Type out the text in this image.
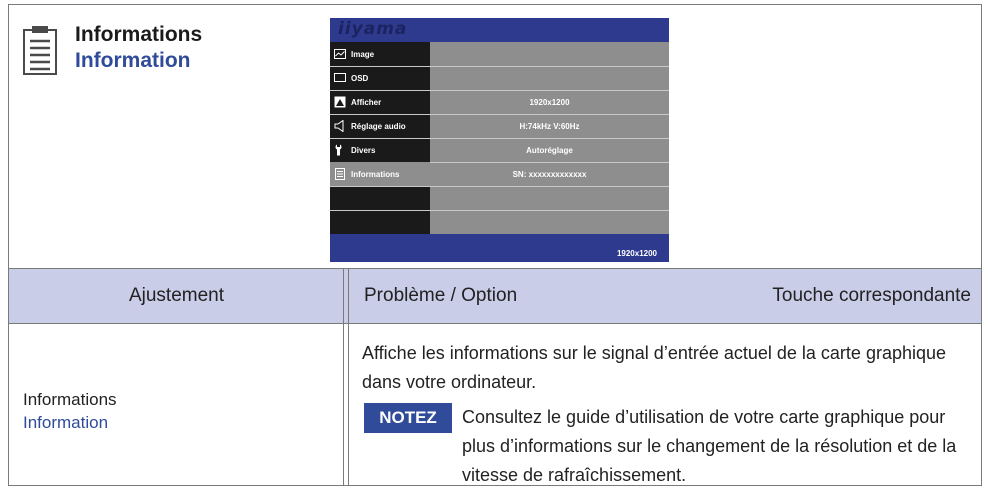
Informations
Information
iiyama
Image
OSD
Afficher
Réglage audio
Divers
Informations
1920x1200
H:74kHz V:60Hz
Autoréglage
SN: xxxxxxxxxxxxx
1920x1200
Ajustement	Problème / Option	Touche correspondante
Informations
Information
Affiche les informations sur le signal d’entrée actuel de la carte graphique dans votre ordinateur.
NOTEZ	Consultez le guide d’utilisation de votre carte graphique pour plus d’informations sur le changement de la résolution et de la vitesse de rafraîchissement.
